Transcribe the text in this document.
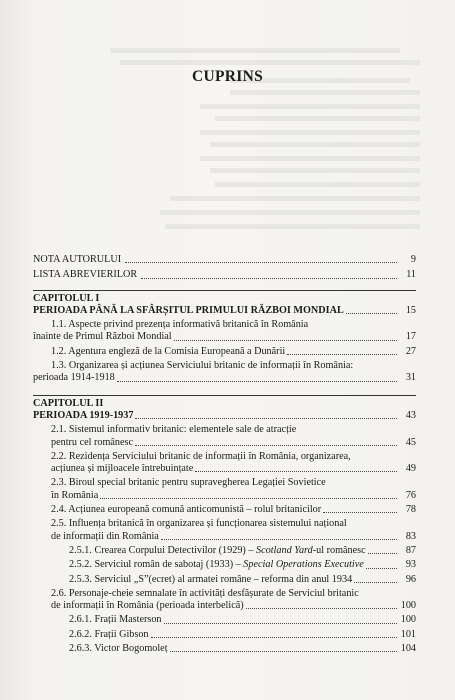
CUPRINS
NOTA AUTORULUI	9
LISTA ABREVIERILOR	11
CAPITOLUL I
PERIOADA PÂNĂ LA SFÂRȘITUL PRIMULUI RĂZBOI MONDIAL	15
1.1. Aspecte privind prezența informativă britanică în România
înainte de Primul Război Mondial	17
1.2. Agentura engleză de la Comisia Europeană a Dunării	27
1.3. Organizarea și acțiunea Serviciului britanic de informații în România:
perioada 1914-1918	31
CAPITOLUL II
PERIOADA 1919-1937	43
2.1. Sistemul informativ britanic: elementele sale de atracție
pentru cel românesc	45
2.2. Rezidența Serviciului britanic de informații în România, organizarea,
acțiunea și mijloacele întrebuințate	49
2.3. Biroul special britanic pentru supravegherea Legației Sovietice
în România	76
2.4. Acțiunea europeană comună anticomunistă – rolul britanicilor	78
2.5. Influența britanică în organizarea și funcționarea sistemului național
de informații din România	83
2.5.1. Crearea Corpului Detectivilor (1929) – Scotland Yard-ul românesc	87
2.5.2. Serviciul român de sabotaj (1933) – Special Operations Executive	93
2.5.3. Serviciul „S”(ecret) al armatei române – reforma din anul 1934	96
2.6. Personaje-cheie semnalate în activități desfășurate de Serviciul britanic
de informații în România (perioada interbelică)	100
2.6.1. Frații Masterson	100
2.6.2. Frații Gibson	101
2.6.3. Victor Bogomoleț	104
